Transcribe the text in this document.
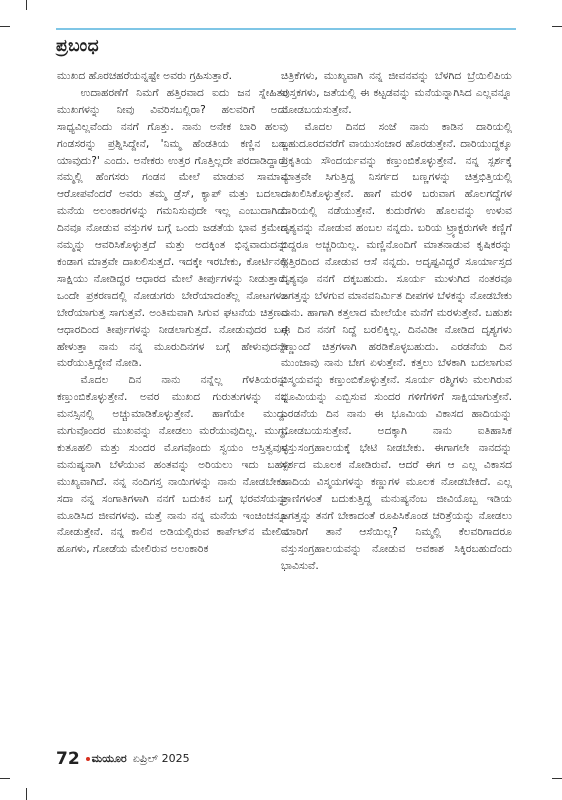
ಪ್ರಬಂಧ

ಮುಖದ ಹೊರಚಹರೆಯನ್ನಷ್ಟೇ ಅವರು ಗ್ರಹಿಸುತ್ತಾರೆ.

ಉದಾಹರಣೆಗೆ ನಿಮಗೆ ಹತ್ತಿರವಾದ ಐದು ಜನ ಸ್ನೇಹಿತರ ಮುಖಗಳನ್ನು ನೀವು ವಿವರಿಸಬಲ್ಲಿರಾ? ಹಲವರಿಗೆ ಅದು ಸಾಧ್ಯವಿಲ್ಲವೆಂದು ನನಗೆ ಗೊತ್ತು. ನಾನು ಅನೇಕ ಬಾರಿ ಹಲವು ಗಂಡಸರನ್ನು ಪ್ರಶ್ನಿಸಿದ್ದೇನೆ, 'ನಿಮ್ಮ ಹೆಂಡತಿಯ ಕಣ್ಣಿನ ಬಣ್ಣ ಯಾವುದು?' ಎಂದು. ಅನೇಕರು ಉತ್ತರ ಗೊತ್ತಿಲ್ಲದೇ ಪರದಾಡಿದ್ದಾರೆ. ನಮ್ಮಲ್ಲಿ ಹೆಂಗಸರು ಗಂಡನ ಮೇಲೆ ಮಾಡುವ ಸಾಮಾನ್ಯ ಆರೋಪವೆಂದರೆ ಅವರು ತಮ್ಮ ಡ್ರೆಸ್, ಕ್ಯಾಪ್ ಮತ್ತು ಬದಲಾದ ಮನೆಯ ಅಲಂಕಾರಗಳನ್ನು ಗಮನಿಸುವುದೇ ಇಲ್ಲ ಎಂಬುದಾಗಿದೆ. ದಿನವೂ ನೋಡುವ ವಸ್ತುಗಳ ಬಗ್ಗೆ ಒಂದು ಜಡತೆಯ ಭಾವ ಕ್ರಮೇಣ ನಮ್ಮನ್ನು ಆವರಿಸಿಕೊಳ್ಳುತ್ತದೆ ಮತ್ತು ಅದಕ್ಕಿಂತ ಭಿನ್ನವಾದುದನ್ನು ಕಂಡಾಗ ಮಾತ್ರವೇ ದಾಖಲಿಸುತ್ತದೆ. ಇದಕ್ಕೇ ಇರಬೇಕು, ಕೋರ್ಟಿನಲ್ಲಿ ಸಾಕ್ಷಿಯು ನೋಡಿದ್ದರ ಆಧಾರದ ಮೇಲೆ ತೀರ್ಪುಗಳನ್ನು ನೀಡುತ್ತಾರೆ. ಒಂದೇ ಪ್ರಕರಣದಲ್ಲಿ ನೋಡುಗರು ಬೇರೆಯಾದಂತೆಲ್ಲ ನೋಟಗಳೂ ಬೇರೆಯಾಗುತ್ತ ಸಾಗುತ್ತವೆ. ಅಂತಿಮವಾಗಿ ಸಿಗುವ ಘಟನೆಯ ಚಿತ್ರಣದ ಆಧಾರದಿಂದ ತೀರ್ಪುಗಳನ್ನು ನೀಡಲಾಗುತ್ತದೆ. ನೋಡುವುದರ ಬಗ್ಗೆ ಹೇಳುತ್ತಾ ನಾನು ನನ್ನ ಮೂರುದಿನಗಳ ಬಗ್ಗೆ ಹೇಳುವುದನ್ನೇ ಮರೆಯುತ್ತಿದ್ದೇನೆ ನೋಡಿ.

ಮೊದಲ ದಿನ ನಾನು ನನ್ನೆಲ್ಲ ಗೆಳತಿಯರನ್ನು ಕಣ್ತುಂಬಿಕೊಳ್ಳುತ್ತೇನೆ. ಅವರ ಮುಖದ ಗುರುತುಗಳನ್ನು ನನ್ನ ಮನಸ್ಸಿನಲ್ಲಿ ಅಚ್ಚುಮಾಡಿಕೊಳ್ಳುತ್ತೇನೆ. ಹಾಗೆಯೇ ಮುದ್ದು ಮಗುವೊಂದರ ಮುಖವನ್ನು ನೋಡಲು ಮರೆಯುವುದಿಲ್ಲ. ಮುಗ್ಧ, ಕುತೂಹಲಿ ಮತ್ತು ಸುಂದರ ಮೊಗವೊಂದು ಸ್ವಯಂ ಅಸ್ತಿತ್ವವುಳ್ಳ ಮನುಷ್ಯನಾಗಿ ಬೆಳೆಯುವ ಹಂತವನ್ನು ಅರಿಯಲು ಇದು ಬಹಳ ಮುಖ್ಯವಾಗಿದೆ. ನನ್ನ ನಂದಿಗಸ್ತ ನಾಯಿಗಳನ್ನು ನಾನು ನೋಡಬೇಕು. ಸದಾ ನನ್ನ ಸಂಗಾತಿಗಳಾಗಿ ನನಗೆ ಬದುಕಿನ ಬಗ್ಗೆ ಭರವಸೆಯನ್ನು ಮೂಡಿಸಿದ ಜೀವಗಳವು. ಮತ್ತೆ ನಾನು ನನ್ನ ಮನೆಯ ಇಂಚಿಂಚನ್ನೂ ನೋಡುತ್ತೇನೆ. ನನ್ನ ಕಾಲಿನ ಅಡಿಯಲ್ಲಿರುವ ಕಾರ್ಪೆಟ್‌ನ ಮೇಲಿನ ಹೂಗಳು, ಗೋಡೆಯ ಮೇಲಿರುವ ಅಲಂಕಾರಿಕ

ಚಿತ್ರಿಕೆಗಳು, ಮುಖ್ಯವಾಗಿ ನನ್ನ ಜೀವನವನ್ನು ಬೆಳಗಿದ ಬ್ರೆಯಿಲಿಪಿಯ ಪುಸ್ತಕಗಳು, ಜತೆಯಲ್ಲಿ ಈ ಕಟ್ಟಡವನ್ನು ಮನೆಯನ್ನಾಗಿಸಿದ ಎಲ್ಲವನ್ನೂ ನೋಡಬಯಸುತ್ತೇನೆ.

ಮೊದಲ ದಿನದ ಸಂಜೆ ನಾನು ಕಾಡಿನ ದಾರಿಯಲ್ಲಿ ಬಹುದೂರದವರೆಗೆ ವಾಯುಸಂಚಾರ ಹೊರಡುತ್ತೇನೆ. ದಾರಿಯುದ್ದಕ್ಕೂ ಪ್ರಕೃತಿಯ ಸೌಂದರ್ಯವನ್ನು ಕಣ್ತುಂಬಿಕೊಳ್ಳುತ್ತೇನೆ. ನನ್ನ ಸ್ಪರ್ಶಕ್ಕೆ ಮಾತ್ರವೇ ಸಿಗುತ್ತಿದ್ದ ನಿಸರ್ಗದ ಬಣ್ಣಗಳನ್ನು ಚಿತ್ತಭಿತ್ತಿಯಲ್ಲಿ ದಾಖಲಿಸಿಕೊಳ್ಳುತ್ತೇನೆ. ಹಾಗೆ ಮರಳಿ ಬರುವಾಗ ಹೊಲಗದ್ದೆಗಳ ದಾರಿಯಲ್ಲಿ ನಡೆಯುತ್ತೇನೆ. ಕುದುರೆಗಳು ಹೊಲವನ್ನು ಉಳುವ ದೃಶ್ಯವನ್ನು ನೋಡುವ ಹಂಬಲ ನನ್ನದು. ಬರಿಯ ಟ್ರ್ಯಾಕ್ಟರುಗಳೇ ಕಣ್ಣಿಗೆ ಬಿದ್ದರೂ ಅಚ್ಚರಿಯಿಲ್ಲ. ಮಣ್ಣಿನೊಂದಿಗೆ ಮಾತನಾಡುವ ಕೃಷಿಕರನ್ನು ಹತ್ತಿರದಿಂದ ನೋಡುವ ಆಸೆ ನನ್ನದು. ಅದೃಷ್ಟವಿದ್ದರೆ ಸೂರ್ಯಾಸ್ತದ ದೃಶ್ಯವೂ ನನಗೆ ದಕ್ಕಬಹುದು. ಸೂರ್ಯ ಮುಳುಗಿದ ನಂತರವೂ ಜಗತ್ತನ್ನು ಬೆಳಗುವ ಮಾನವನಿರ್ಮಿತ ದೀಪಗಳ ಬೆಳಕನ್ನು ನೋಡಬೇಕು ನಾನು. ಹಾಗಾಗಿ ಕತ್ತಲಾದ ಮೇಲೆಯೇ ಮನೆಗೆ ಮರಳುತ್ತೇನೆ. ಬಹುಶಃ ಈ ದಿನ ನನಗೆ ನಿದ್ದೆ ಬರಲಿಕ್ಕಿಲ್ಲ. ದಿನವಿಡೀ ನೋಡಿದ ದೃಶ್ಯಗಳು ಕಣ್ಣುಂದೆ ಚಿತ್ರಗಳಾಗಿ ಹರಡಿಕೊಳ್ಳಬಹುದು. ಎರಡನೆಯ ದಿನ ಮುಂಜಾವು ನಾನು ಬೇಗ ಏಳುತ್ತೇನೆ. ಕತ್ತಲು ಬೆಳಕಾಗಿ ಬದಲಾಗುವ ವಿಸ್ಮಯವನ್ನು ಕಣ್ತುಂಬಿಕೊಳ್ಳುತ್ತೇನೆ. ಸೂರ್ಯ ರಶ್ಮಿಗಳು ಮಲಗಿರುವ ಭೂಮಿಯನ್ನು ಎಬ್ಬಿಸುವ ಸುಂದರ ಗಳಿಗೆಗಳಿಗೆ ಸಾಕ್ಷಿಯಾಗುತ್ತೇನೆ. ಎರಡನೆಯ ದಿನ ನಾನು ಈ ಭೂಮಿಯ ವಿಕಾಸದ ಹಾದಿಯನ್ನು ನೋಡಬಯಸುತ್ತೇನೆ. ಅದಕ್ಕಾಗಿ ನಾನು ಐತಿಹಾಸಿಕ ವಸ್ತುಸಂಗ್ರಹಾಲಯಕ್ಕೆ ಭೇಟಿ ನೀಡಬೇಕು. ಈಗಾಗಲೇ ನಾನದನ್ನು ಸ್ಪರ್ಶದ ಮೂಲಕ ನೋಡಿರುವೆ. ಆದರೆ ಈಗ ಆ ಎಲ್ಲ ವಿಕಾಸದ ಹಾದಿಯ ವಿಸ್ಮಯಗಳನ್ನು ಕಣ್ಣುಗಳ ಮೂಲಕ ನೋಡಬೇಕಿದೆ. ಎಲ್ಲ ಪ್ರಾಣಿಗಳಂತೆ ಬದುಕುತ್ತಿದ್ದ ಮನುಷ್ಯನೆಂಬ ಜೀವಿಯೊಬ್ಬ ಇಡಿಯ ಜಗತ್ತನ್ನು ತನಗೆ ಬೇಕಾದಂತೆ ರೂಪಿಸಿಕೊಂಡ ಚರಿತ್ರೆಯನ್ನು ನೋಡಲು ಯಾರಿಗೆ ತಾನೆ ಆಸೆಯಿಲ್ಲ? ನಿಮ್ಮಲ್ಲಿ ಕೆಲವರಿಗಾದರೂ ವಸ್ತುಸಂಗ್ರಹಾಲಯವನ್ನು ನೋಡುವ ಅವಕಾಶ ಸಿಕ್ಕಿರಬಹುದೆಂದು ಭಾವಿಸುವೆ.

72	ಮಯೂರ ಏಪ್ರಿಲ್ 2025
